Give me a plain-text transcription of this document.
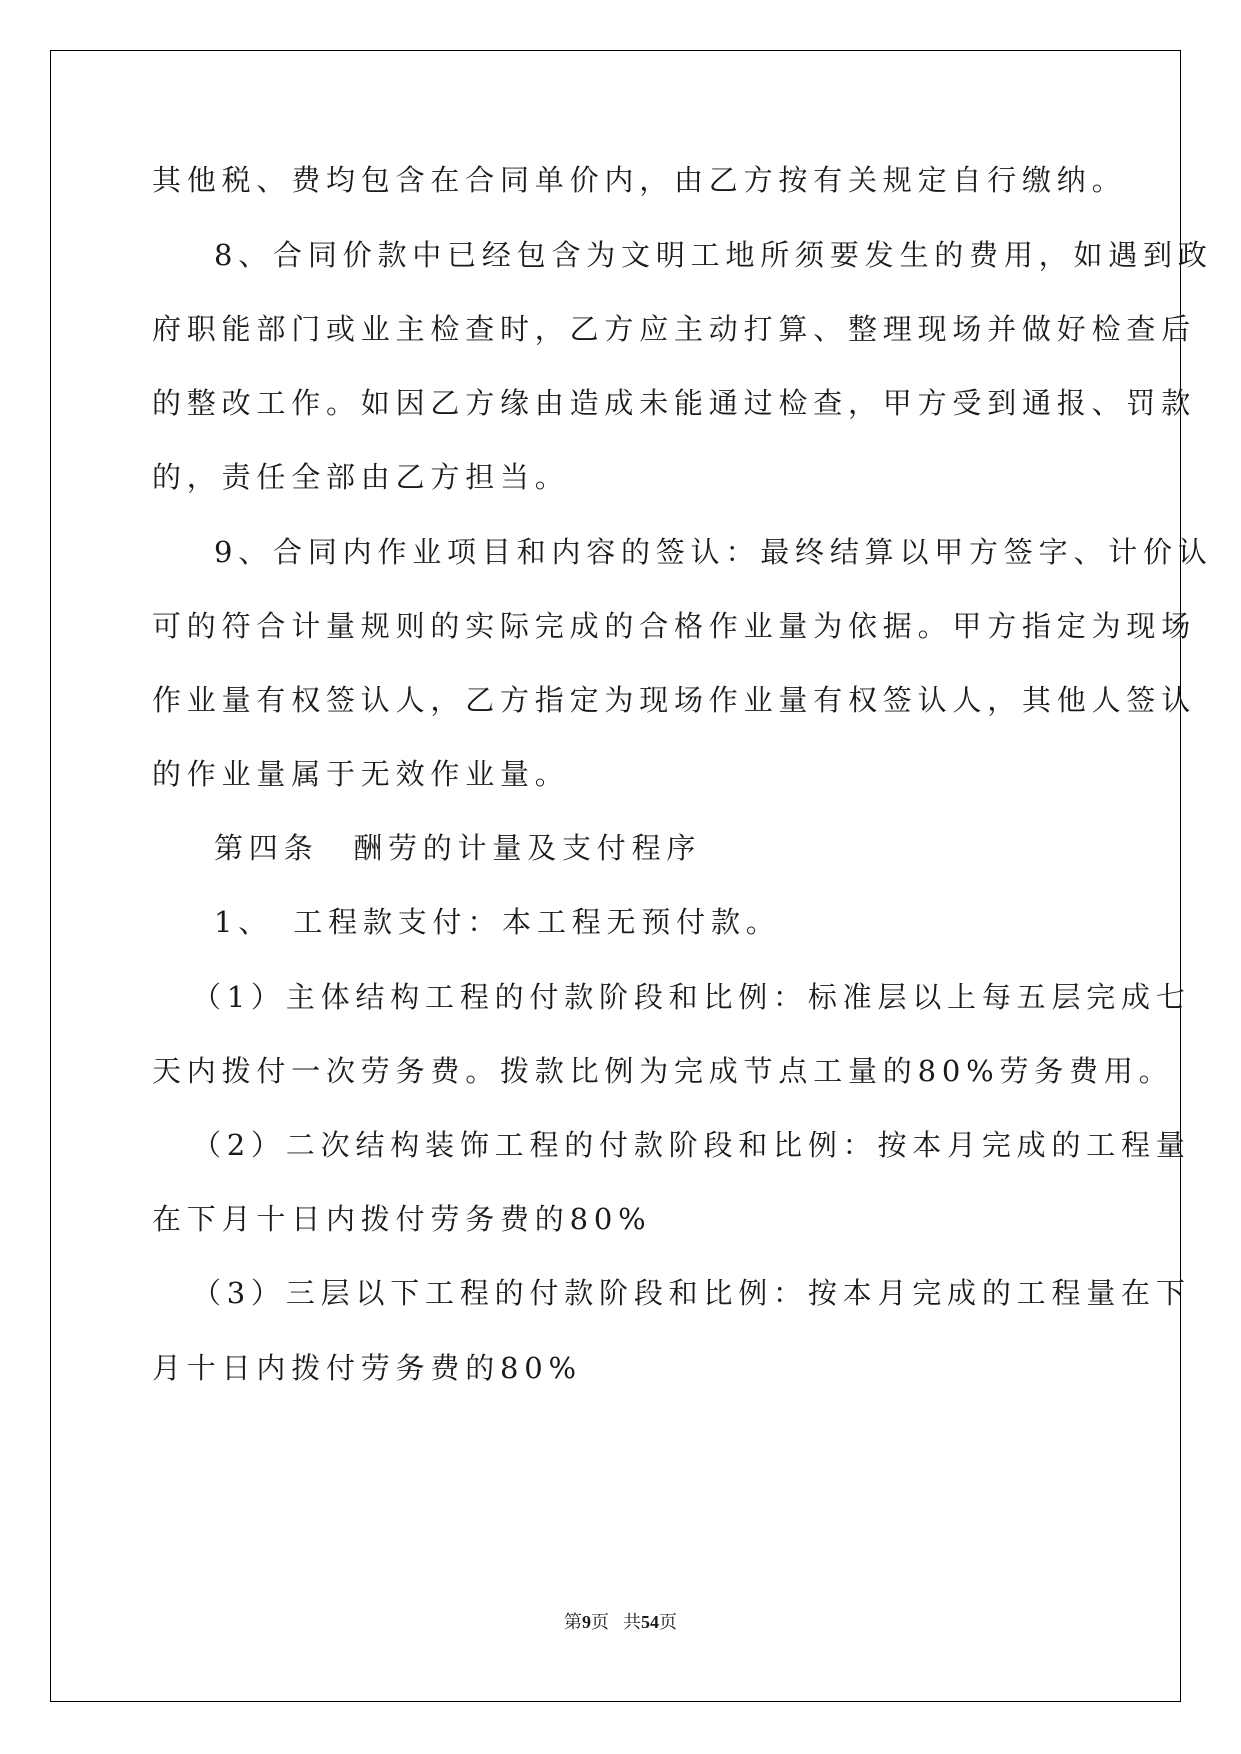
其他税、费均包含在合同单价内，由乙方按有关规定自行缴纳。
8、合同价款中已经包含为文明工地所须要发生的费用，如遇到政
府职能部门或业主检查时，乙方应主动打算、整理现场并做好检查后
的整改工作。如因乙方缘由造成未能通过检查，甲方受到通报、罚款
的，责任全部由乙方担当。
9、合同内作业项目和内容的签认：最终结算以甲方签字、计价认
可的符合计量规则的实际完成的合格作业量为依据。甲方指定为现场
作业量有权签认人，乙方指定为现场作业量有权签认人，其他人签认
的作业量属于无效作业量。
第四条　酬劳的计量及支付程序
1、　工程款支付：本工程无预付款。
（1）主体结构工程的付款阶段和比例：标准层以上每五层完成七
天内拨付一次劳务费。拨款比例为完成节点工量的80%劳务费用。
（2）二次结构装饰工程的付款阶段和比例：按本月完成的工程量
在下月十日内拨付劳务费的80%
（3）三层以下工程的付款阶段和比例：按本月完成的工程量在下
月十日内拨付劳务费的80%
第9页 共54页
